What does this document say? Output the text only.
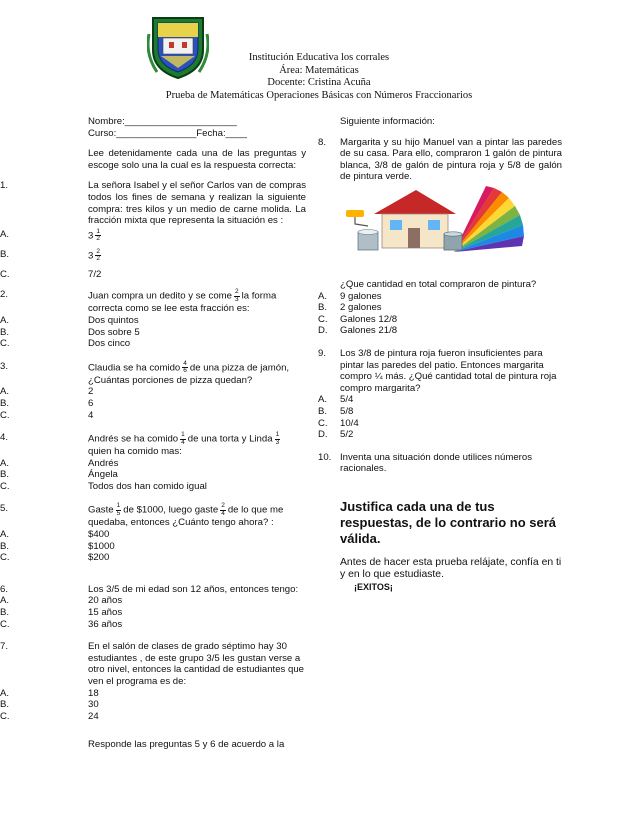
Institución Educativa los corrales
Área: Matemáticas
Docente: Cristina Acuña
Prueba de Matemáticas Operaciones Básicas con Números Fraccionarios
Nombre:_____________________
Curso:_______________Fecha:____
Lee detenidamente cada una de las preguntas y escoge solo una la cual es la respuesta correcta:
1.	La señora Isabel y el señor Carlos van de compras todos los fines de semana y realizan la siguiente compra: tres kilos y un medio de carne molida. La fracción mixta que representa la situación es :
A.	$3 \frac{1}{2}$
B.	$3 \frac{2}{2}$
C.	7/2
2.	Juan compra un dedito y se come $\frac{2}{3}$ la forma correcta como se lee esta fracción es:
A.	Dos quintos
B.	Dos sobre 5
C.	Dos cinco
3.	Claudia se ha comido $\frac{4}{6}$ de una pizza de jamón, ¿Cuántas porciones de pizza quedan?
A.	2
B.	6
C.	4
4.	Andrés se ha comido $\frac{1}{4}$ de una torta y Linda $\frac{1}{3}$

quien ha comido mas:
A.	Andrés
B.	Ángela
C.	Todos dos han comido igual
5.	Gaste $\frac{1}{5}$ de $1000, luego gaste $\frac{2}{4}$ de lo que me quedaba, entonces ¿Cuánto tengo ahora? :
A.	$400
B.	$1000
C.	$200
6.	Los 3/5 de mi edad son 12 años, entonces tengo:
A.	20 años
B.	15 años
C.	36 años
7.	En el salón de clases de grado séptimo hay 30 estudiantes , de este grupo 3/5 les gustan verse a otro nivel, entonces la cantidad de estudiantes que ven el programa es de:
A.	18
B.	30
C.	24
Responde las preguntas 5 y 6 de acuerdo a la
Siguiente información:
8.	Margarita y su hijo Manuel van a pintar las paredes de su casa. Para ello, compraron 1 galón de pintura blanca, 3/8 de galón de pintura roja y 5/8 de galón de pintura verde.
¿Que cantidad en total compraron de pintura?
A.	9 galones
B.	2 galones
C.	Galones 12/8
D.	Galones 21/8
9.	Los 3/8 de pintura roja fueron insuficientes para pintar las paredes del patio. Entonces margarita compro ¼ más. ¿Qué cantidad total de pintura roja compro margarita?
A.	5/4
B.	5/8
C.	10/4
D.	5/2
10. Inventa una situación donde utilices números racionales.
Justifica cada una de tus respuestas, de lo contrario no será válida.
Antes de hacer esta prueba relájate, confía en ti y en lo que estudiaste.
¡EXITOS¡
